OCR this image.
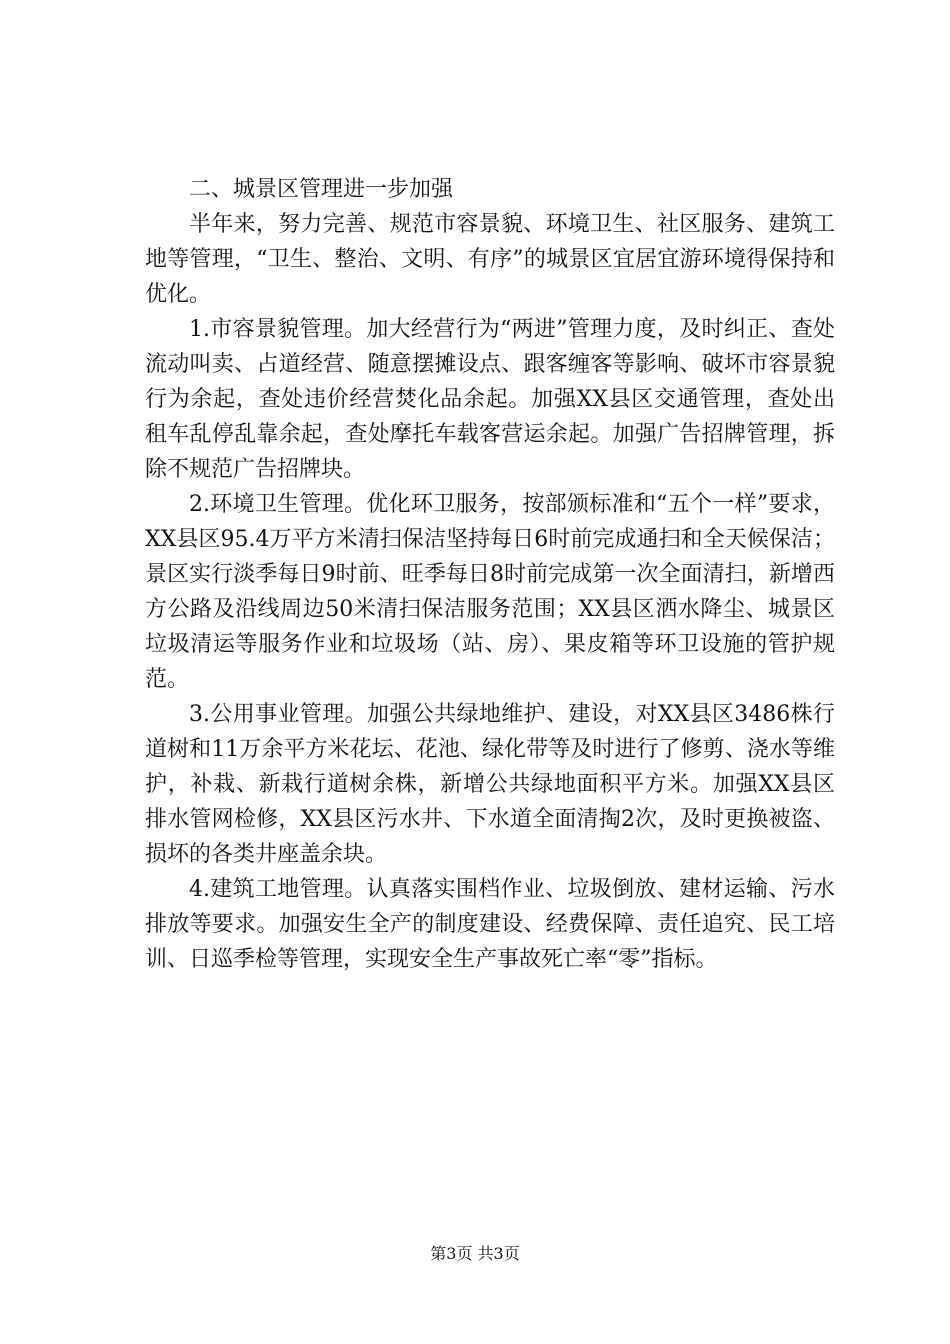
二、城景区管理进一步加强

半年来，努力完善、规范市容景貌、环境卫生、社区服务、建筑工地等管理，“卫生、整治、文明、有序”的城景区宜居宜游环境得保持和优化。

1.市容景貌管理。加大经营行为“两进”管理力度，及时纠正、查处流动叫卖、占道经营、随意摆摊设点、跟客缠客等影响、破坏市容景貌行为余起，查处违价经营焚化品余起。加强XX县区交通管理，查处出租车乱停乱靠余起，查处摩托车载客营运余起。加强广告招牌管理，拆除不规范广告招牌块。

2.环境卫生管理。优化环卫服务，按部颁标准和“五个一样”要求，XX县区95.4万平方米清扫保洁坚持每日6时前完成通扫和全天候保洁；景区实行淡季每日9时前、旺季每日8时前完成第一次全面清扫，新增西方公路及沿线周边50米清扫保洁服务范围；XX县区洒水降尘、城景区垃圾清运等服务作业和垃圾场（站、房）、果皮箱等环卫设施的管护规范。

3.公用事业管理。加强公共绿地维护、建设，对XX县区3486株行道树和11万余平方米花坛、花池、绿化带等及时进行了修剪、浇水等维护，补栽、新栽行道树余株，新增公共绿地面积平方米。加强XX县区排水管网检修，XX县区污水井、下水道全面清掏2次，及时更换被盗、损坏的各类井座盖余块。

4.建筑工地管理。认真落实围档作业、垃圾倒放、建材运输、污水排放等要求。加强安生全产的制度建设、经费保障、责任追究、民工培训、日巡季检等管理，实现安全生产事故死亡率“零”指标。

第3页 共3页
